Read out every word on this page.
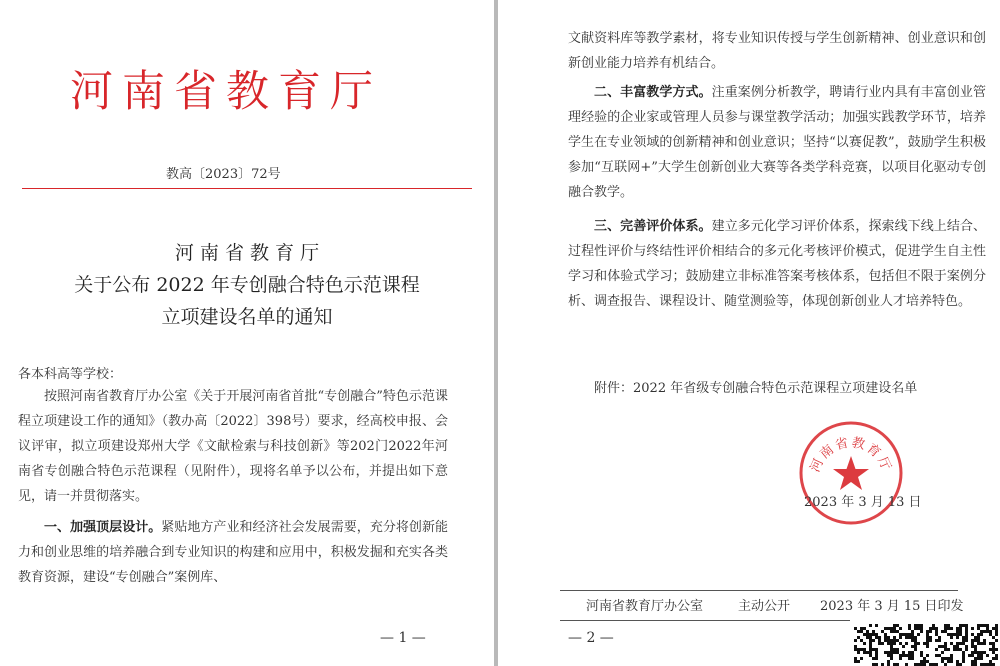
河南省教育厅
教高〔2023〕72号
河 南 省 教 育 厅
关于公布 2022 年专创融合特色示范课程
立项建设名单的通知
各本科高等学校：
按照河南省教育厅办公室《关于开展河南省首批“专创融合”特色示范课程立项建设工作的通知》（教办高〔2022〕398号）要求，经高校申报、会议评审，拟立项建设郑州大学《文献检索与科技创新》等202门2022年河南省专创融合特色示范课程（见附件），现将名单予以公布，并提出如下意见，请一并贯彻落实。
一、加强顶层设计。紧贴地方产业和经济社会发展需要，充分将创新能力和创业思维的培养融合到专业知识的构建和应用中，积极发掘和充实各类教育资源，建设“专创融合”案例库、
— 1 —
文献资料库等教学素材，将专业知识传授与学生创新精神、创业意识和创新创业能力培养有机结合。
二、丰富教学方式。注重案例分析教学，聘请行业内具有丰富创业管理经验的企业家或管理人员参与课堂教学活动；加强实践教学环节，培养学生在专业领域的创新精神和创业意识；坚持“以赛促教”，鼓励学生积极参加“互联网+”大学生创新创业大赛等各类学科竞赛，以项目化驱动专创融合教学。
三、完善评价体系。建立多元化学习评价体系，探索线下线上结合、过程性评价与终结性评价相结合的多元化考核评价模式，促进学生自主性学习和体验式学习；鼓励建立非标准答案考核体系，包括但不限于案例分析、调查报告、课程设计、随堂测验等，体现创新创业人才培养特色。
附件：2022 年省级专创融合特色示范课程立项建设名单
河南省教育厅
2023 年 3 月 13 日
河南省教育厅办公室	主动公开 2023 年 3 月 15 日印发
— 2 —
